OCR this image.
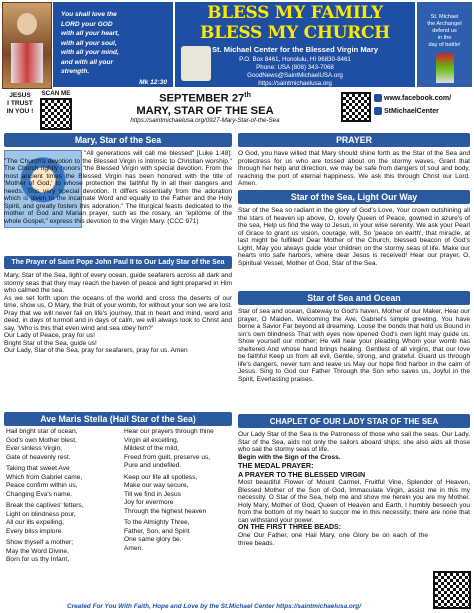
You shall love the
LORD your GOD
with all your heart,
with all your soul,
with all your mind,
and with all your
strength.
Mk 12:30
BLESS MY FAMILY
BLESS MY CHURCH
St. Michael Center for the Blessed Virgin Mary
P.O. Box 8461, Honolulu, HI 96830-8461
Phone: USA (808) 343-7068
GoodNews@SaintMichaelUSA.org
https://saintmichaelusa.org
St. Michael
the Archangel
defend us
in the
day of battle!
JESUS
I TRUST
IN YOU !
SCAN ME	SEPTEMBER 27th
MARY, STAR OF THE SEA
https://saintmichaelusa.org/0927-Mary-Star-of-the-Sea
www.facebook.com/
StMichaelCenter
Mary, Star of the Sea

"All generations will call me blessed" [Luke 1:48]: "The Church's devotion to the Blessed Virgin is intrinsic to Christian worship." The Church rightly honors "the Blessed Virgin with special devotion. From the most ancient times the Blessed Virgin has been honored with the title of 'Mother of God,' to whose protection the faithful fly in all their dangers and needs. This very special devotion. It differs essentially from the adoration which is given to the incarnate Word and equally to the Father and the Holy Spirit, and greatly fosters this adoration." The liturgical feasts dedicated to the mother of God and Marian prayer, such as the rosary, an "epitome of the whole Gospel," express this devotion to the Virgin Mary. (CCC 971)

The Prayer of Saint Pope John Paul II to Our Lady Star of the Sea

Mary, Star of the Sea, light of every ocean, guide seafarers across all dark and stormy seas that they may reach the haven of peace and light prepared in Him who calmed the sea.

As we set forth upon the oceans of the world and cross the deserts of our time, show us, O Mary, the fruit of your womb, for without your son we are lost. Pray that we will never fail on life's journey, that in heart and mind, word and deed, in days of turmoil and in days of calm, we will always look to Christ and say, 'Who is this that even wind and sea obey him?'

Our Lady of Peace, pray for us!

Bright Star of the Sea, guide us!

Our Lady, Star of the Sea, pray for seafarers, pray for us. Amen

Ave Maris Stella (Hail Star of the Sea)
Hail bright star of ocean,
God's own Mother blest,
Ever sinless Virgin,
Gate of heavenly rest.
Taking that sweet Ave
Which from Gabriel came,
Peace confirm within us,
Changing Eva's name.
Break the captives' fetters,
Light on blindness pour,
All our ills expelling,
Every bliss implore.
Show thyself a mother;
May the Word Divine,
Born for us thy Infant,
Hear our prayers through thine
Virgin all excelling,
Mildest of the mild,
Freed from guilt, preserve us,
Pure and undefiled.
Keep our life all spotless,
Make our way secure,
Till we find in Jesus
Joy for evermore
Through the highest heaven
To the Almighty Three,
Father, Son, and Spirit
One same glory be.
Amen.
PRAYER
O God, you have willed that Mary should shine forth as the Star of the Sea and protectress for us who are tossed about on the stormy waves. Grant that through her help and direction, we may be safe from dangers of soul and body, reaching the port of eternal happiness. We ask this through Christ our Lord. Amen.
Star of the Sea, Light Our Way
Star of the Sea so radiant in the glory of God's Love, Your crown outshining all the stars of heaven up above, O, lovely Queen of Peace, gowned in azure's of the sea, Help us find the way to Jesus, in your wise serenity. We ask your Pearl of Grace to grant us vision, courage, will, So 'peace on earth', that miracle, at last might be fulfilled! Dear Mother of the Church, blessed beacon of God's Light, May you always guide your children on the stormy seas of life. Make our hearts into safe harbors, where dear Jesus is received! Hear our prayer, O, Spiritual Vessel, Mother of God, Star of the Sea.
Star of Sea and Ocean
Star of sea and ocean, Gateway to God's haven, Mother of our Maker, Hear our prayer, O Maiden. Welcoming the Ave, Gabriel's simple greeting, You have borne a Savior Far beyond all dreaming. Loose the bonds that hold us Bound in sin's own blindness That with eyes now opened God's own light may guide us. Show yourself our mother; He will hear your pleading Whom your womb has sheltered And whose hand brings healing. Gentlest of all virgins, that our love be faithful Keep us from all evil, Gentle, strong, and grateful. Guard us through life's dangers, never turn and leave us May our hope find harbor in the calm of Jesus. Sing to God our Father Through the Son who saves us, Joyful in the Spirit, Everlasting praises.
CHAPLET OF OUR LADY STAR OF THE SEA

Our Lady Star of the Sea is the Patroness of those who sail the seas. Our Lady, Star of the Sea, aids not only the sailors aboard ships; she also aids all those who sail the stormy seas of life.

Begin with the Sign of the Cross.

THE MEDAL PRAYER:

A PRAYER TO THE BLESSED VIRGIN

Most beautiful Flower of Mount Carmel, Fruitful Vine, Splendor of Heaven, Blessed Mother of the Son of God, Immaculate Virgin, assist me in this my necessity. O Star of the Sea, help me and show me herein you are my Mother. Holy Mary, Mother of God, Queen of Heaven and Earth, I humbly beseech you from the bottom of my heart to succor me in this necessity; there are none that can withstand your power.

ON THE FIRST THREE BEADS:

One Our Father, one Hail Mary, one Glory be on each of the three beads.

Created For You With Faith, Hope and Love by the St.Michael Center https://saintmichaelusa.org/
